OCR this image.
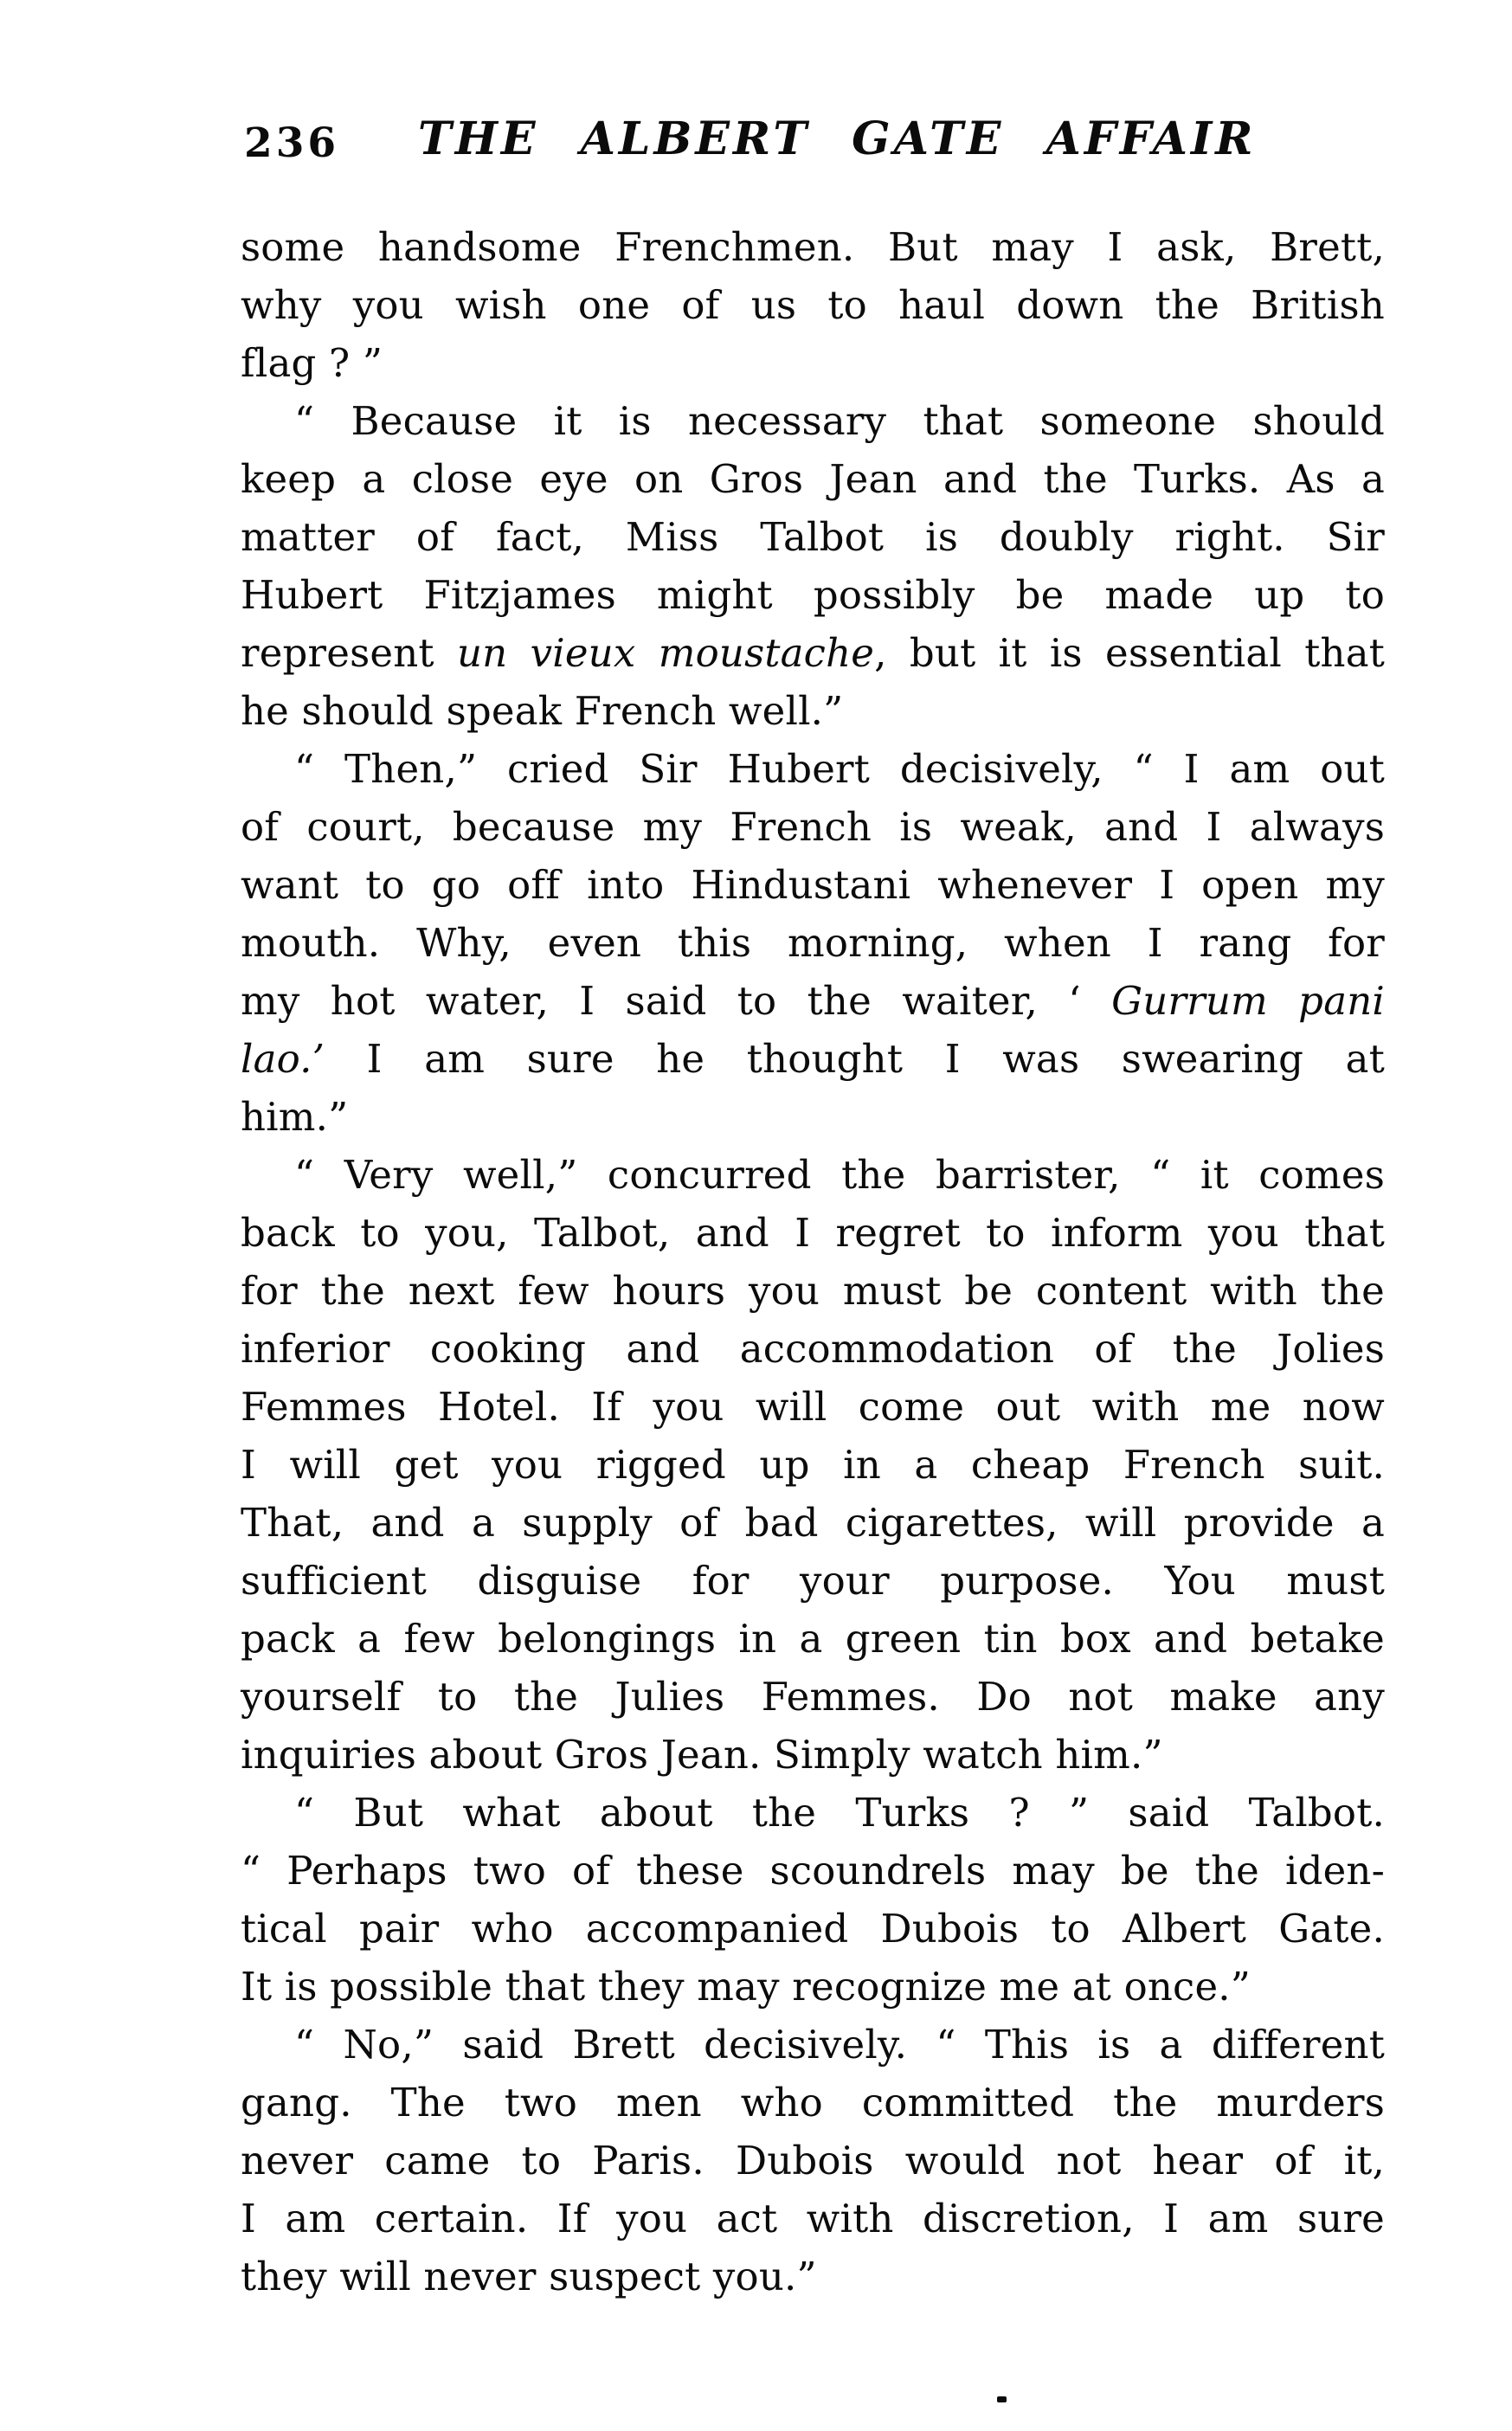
236 THE ALBERT GATE AFFAIR
some handsome Frenchmen. But may I ask, Brett,
why you wish one of us to haul down the British
flag ? ”
“ Because it is necessary that someone should
keep a close eye on Gros Jean and the Turks. As a
matter of fact, Miss Talbot is doubly right. Sir
Hubert Fitzjames might possibly be made up to
represent un vieux moustache, but it is essential that
he should speak French well.”
“ Then,” cried Sir Hubert decisively, “ I am out
of court, because my French is weak, and I always
want to go off into Hindustani whenever I open my
mouth. Why, even this morning, when I rang for
my hot water, I said to the waiter, ‘ Gurrum pani
lao.’ I am sure he thought I was swearing at
him.”
“ Very well,” concurred the barrister, “ it comes
back to you, Talbot, and I regret to inform you that
for the next few hours you must be content with the
inferior cooking and accommodation of the Jolies
Femmes Hotel. If you will come out with me now
I will get you rigged up in a cheap French suit.
That, and a supply of bad cigarettes, will provide a
sufficient disguise for your purpose. You must
pack a few belongings in a green tin box and betake
yourself to the Julies Femmes. Do not make any
inquiries about Gros Jean. Simply watch him.”
“ But what about the Turks ? ” said Talbot.
“ Perhaps two of these scoundrels may be the iden-
tical pair who accompanied Dubois to Albert Gate.
It is possible that they may recognize me at once.”
“ No,” said Brett decisively. “ This is a different
gang. The two men who committed the murders
never came to Paris. Dubois would not hear of it,
I am certain. If you act with discretion, I am sure
they will never suspect you.”
